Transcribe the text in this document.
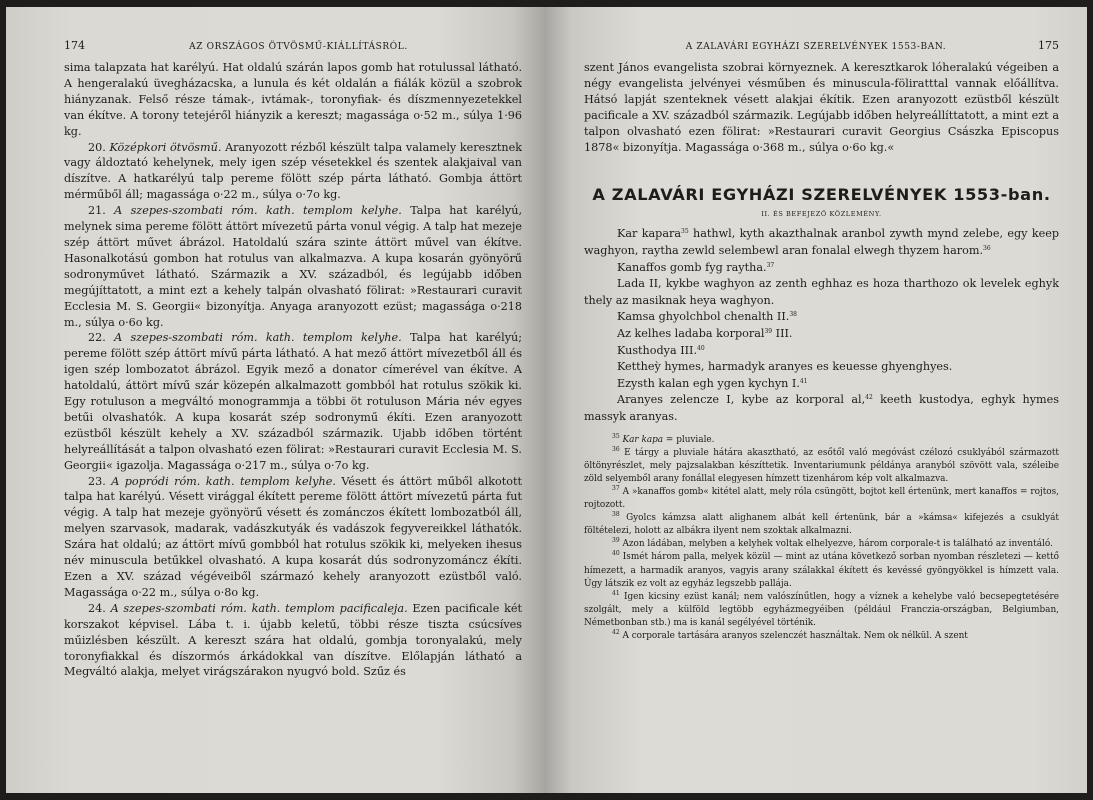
174	AZ ORSZÁGOS ÖTVÖSMŰ-KIÁLLÍTÁSRÓL.

sima talapzata hat karélyú. Hat oldalú szárán lapos gomb hat rotulussal látható. A hengeralakú üvegházacska, a lunula és két oldalán a fiálák közül a szobrok hiányzanak. Felső része támak-, ivtámak-, toronyfiak- és díszmennyezetekkel van ékítve. A torony tetejéről hiányzik a kereszt; magassága o·52 m., súlya 1·96 kg.

20. Középkori ötvösmű. Aranyozott rézből készült talpa valamely keresztnek vagy áldoztató kehelynek, mely igen szép vésetekkel és szentek alakjaival van díszítve. A hatkarélyú talp pereme fölött szép párta látható. Gombja áttört mérműből áll; magassága o·22 m., súlya o·7o kg.

21. A szepes-szombati róm. kath. templom kelyhe. Talpa hat karélyú, melynek sima pereme fölött áttört mívezetű párta vonul végig. A talp hat mezeje szép áttört művet ábrázol. Hatoldalú szára szinte áttört művel van ékítve. Hasonalkotású gombon hat rotulus van alkalmazva. A kupa kosarán gyönyörű sodronyművet látható. Származik a XV. századból, és legújabb időben megújíttatott, a mint ezt a kehely talpán olvasható fölirat: »Restaurari curavit Ecclesia M. S. Georgii« bizonyítja. Anyaga aranyozott ezüst; magassága o·218 m., súlya o·6o kg.

22. A szepes-szombati róm. kath. templom kelyhe. Talpa hat karélyú; pereme fölött szép áttört mívű párta látható. A hat mező áttört mívezetből áll és igen szép lombozatot ábrázol. Egyik mező a donator címerével van ékítve. A hatoldalú, áttört mívű szár közepén alkalmazott gombból hat rotulus szökik ki. Egy rotuluson a megváltó monogrammja a többi öt rotuluson Mária név egyes betűi olvashatók. A kupa kosarát szép sodronymű ékíti. Ezen aranyozott ezüstből készült kehely a XV. századból származik. Ujabb időben történt helyreállítását a talpon olvasható ezen fölirat: »Restaurari curavit Ecclesia M. S. Georgii« igazolja. Magassága o·217 m., súlya o·7o kg.

23. A popródi róm. kath. templom kelyhe. Vésett és áttört műből alkotott talpa hat karélyú. Vésett virággal ékített pereme fölött áttört mívezetű párta fut végig. A talp hat mezeje gyönyörű vésett és zománczos ékített lombozatból áll, melyen szarvasok, madarak, vadászkutyák és vadászok fegyvereikkel láthatók. Szára hat oldalú; az áttört mívű gombból hat rotulus szökik ki, melyeken ihesus név minuscula betűkkel olvasható. A kupa kosarát dús sodronyzománcz ékíti. Ezen a XV. század végéveiből származó kehely aranyozott ezüstből való. Magassága o·22 m., súlya o·8o kg.

24. A szepes-szombati róm. kath. templom pacificaleja. Ezen pacificale két korszakot képvisel. Lába t. i. újabb keletű, többi része tiszta csúcsíves műizlésben készült. A kereszt szára hat oldalú, gombja toronyalakú, mely toronyfiakkal és díszormós árkádokkal van díszítve. Előlapján látható a Megváltó alakja, melyet virágszárakon nyugvó bold. Szűz és

A ZALAVÁRI EGYHÁZI SZERELVÉNYEK 1553-BAN.	175

szent János evangelista szobrai környeznek. A keresztkarok lóheralakú végeiben a négy evangelista jelvényei vésműben és minuscula-föliratttal vannak előállítva. Hátsó lapját szenteknek vésett alakjai ékítik. Ezen aranyozott ezüstből készült pacificale a XV. századból származik. Legújabb időben helyreállíttatott, a mint ezt a talpon olvasható ezen fölirat: »Restaurari curavit Georgius Császka Episcopus 1878« bizonyítja. Magassága o·368 m., súlya o·6o kg.«

A ZALAVÁRI EGYHÁZI SZERELVÉNYEK 1553-ban.
II. ÉS BEFEJEZŐ KÖZLEMÉNY.

Kar kapara$^{35}$ hathwl, kyth akazthalnak aranbol zywth mynd zelebe, egy keep waghyon, raytha zewld selembewl aran fonalal elwegh thyzem harom.$^{36}$

Kanaffos gomb fyg raytha.$^{37}$

Lada II, kykbe waghyon az zenth eghhaz es hoza tharthozo ok levelek eghyk thely az masiknak heya waghyon.

Kamsa ghyolchbol chenalth II.$^{38}$

Az kelhes ladaba korporal$^{39}$ III.

Kusthodya III.$^{40}$

Kettheỳ hymes, harmadyk aranyes es keuesse ghyenghyes.

Ezysth kalan egh ygen kychyn I.$^{41}$

Aranyes zelencze I, kybe az korporal al,$^{42}$ keeth kustodya, eghyk hymes massyk aranyas.

$^{35}$ Kar kapa = pluviale.

$^{36}$ E tárgy a pluviale hátára akasztható, az esőtől való megóvást czélozó csuklyából származott öltönyrészlet, mely pajzsalakban készíttetik. Inventariumunk példánya aranyból szövött vala, széleibe zöld selyemből arany fonállal elegyesen hímzett tizenhárom kép volt alkalmazva.

$^{37}$ A »kanaffos gomb« kitétel alatt, mely róla csüngött, bojtot kell értenünk, mert kanaffos = rojtos, rojtozott.

$^{38}$ Gyolcs kámzsa alatt alighanem albát kell értenünk, bár a »kámsa« kifejezés a csuklyát föltételezi, holott az albákra ilyent nem szoktak alkalmazni.

$^{39}$ Azon ládában, melyben a kelyhek voltak elhelyezve, három corporale-t is található az inventáló.

$^{40}$ Ismét három palla, melyek közül — mint az utána következő sorban nyomban részletezi — kettő hímezett, a harmadik aranyos, vagyis arany szálakkal ékített és kevéssé gyöngyökkel is hímzett vala. Úgy látszik ez volt az egyház legszebb pallája.

$^{41}$ Igen kicsiny ezüst kanál; nem valószínűtlen, hogy a víznek a kehelybe való becsepegtetésére szolgált, mely a külföld legtöbb egyházmegyéiben (például Franczia-országban, Belgiumban, Németbonban stb.) ma is kanál segélyével történik.

$^{42}$ A corporale tartására aranyos szelenczét használtak. Nem ok nélkül. A szent
